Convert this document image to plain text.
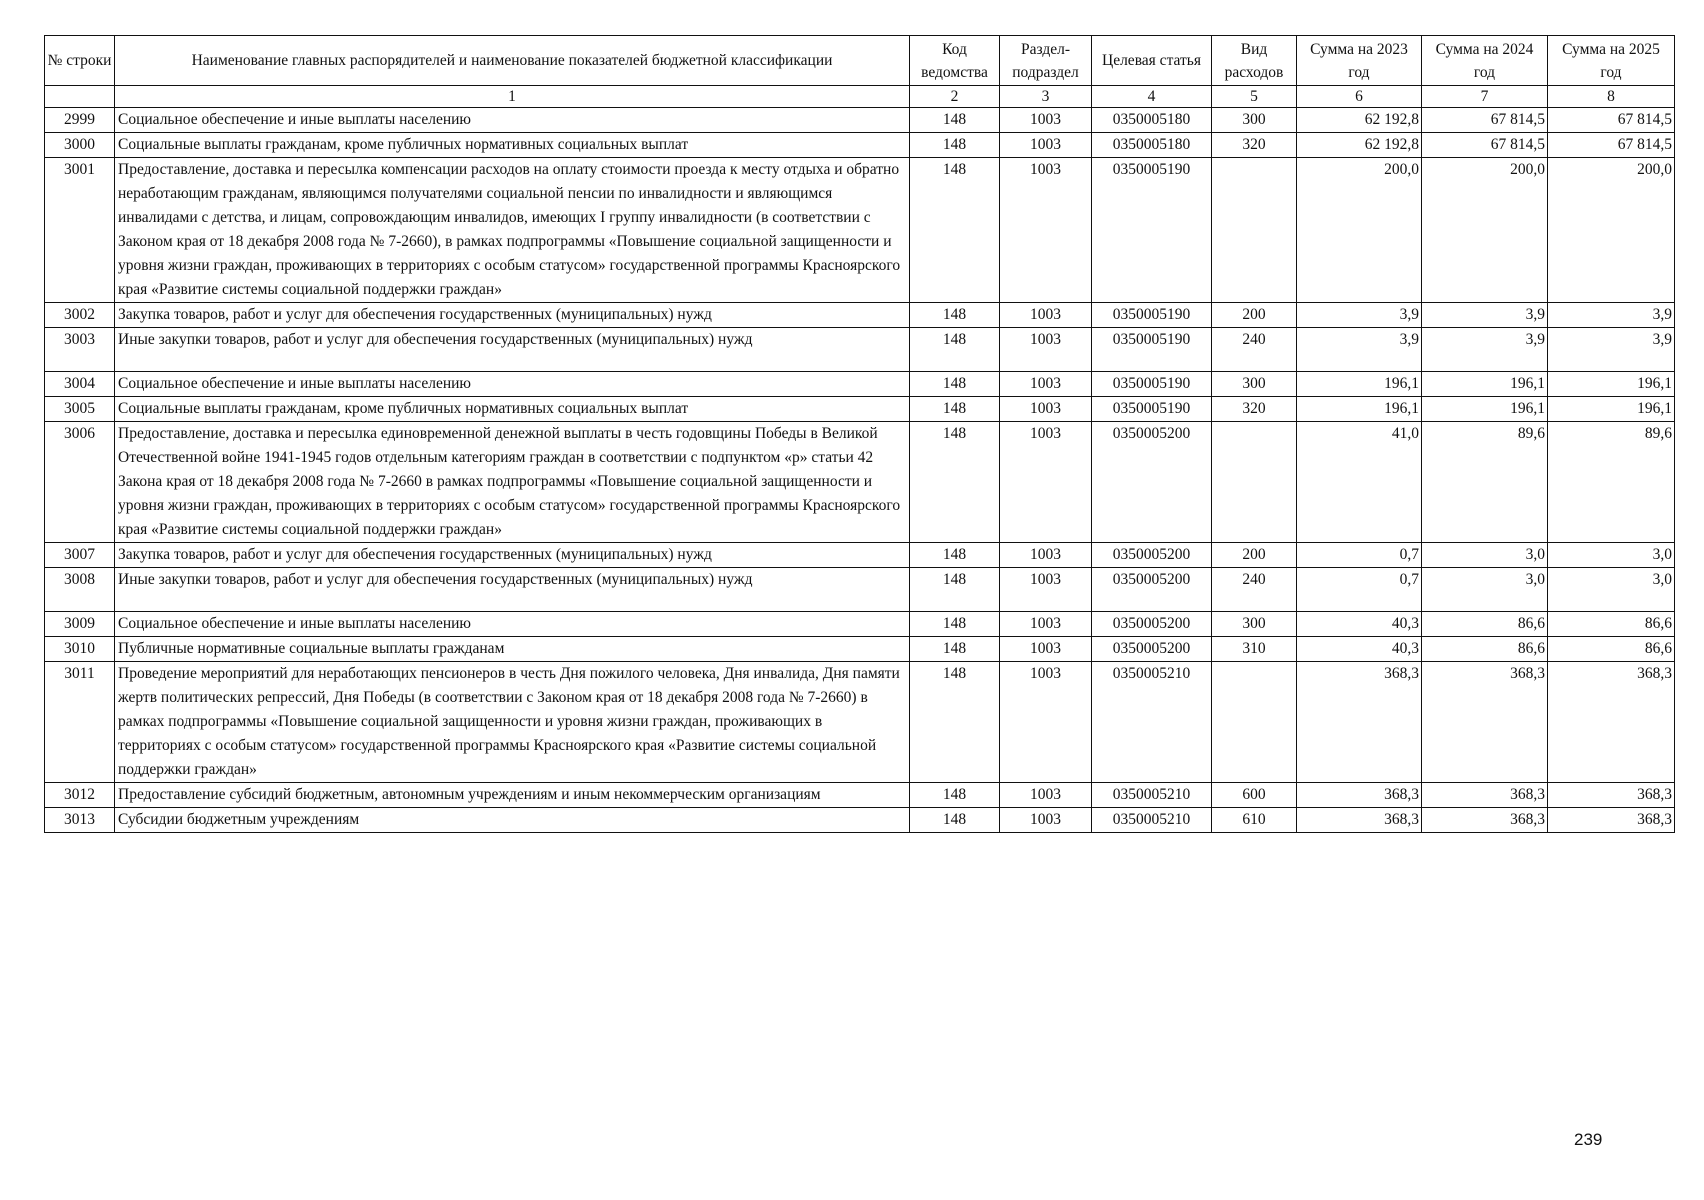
№ строки	Наименование главных распорядителей и наименование показателей бюджетной классификации	Код ведомства	Раздел-подраздел	Целевая статья	Вид расходов	Сумма на 2023 год	Сумма на 2024 год	Сумма на 2025 год
	1	2	3	4	5	6	7	8
2999	Социальное обеспечение и иные выплаты населению	148	1003	0350005180	300	62 192,8	67 814,5	67 814,5
3000	Социальные выплаты гражданам, кроме публичных нормативных социальных выплат	148	1003	0350005180	320	62 192,8	67 814,5	67 814,5
3001	Предоставление, доставка и пересылка компенсации расходов на оплату стоимости проезда к месту отдыха и обратно неработающим гражданам, являющимся получателями социальной пенсии по инвалидности и являющимся инвалидами с детства, и лицам, сопровождающим инвалидов, имеющих I группу инвалидности (в соответствии с Законом края от 18 декабря 2008 года № 7-2660), в рамках подпрограммы «Повышение социальной защищенности и уровня жизни граждан, проживающих в территориях с особым статусом» государственной программы Красноярского края «Развитие системы социальной поддержки граждан»	148	1003	0350005190		200,0	200,0	200,0
3002	Закупка товаров, работ и услуг для обеспечения государственных (муниципальных) нужд	148	1003	0350005190	200	3,9	3,9	3,9
3003	Иные закупки товаров, работ и услуг для обеспечения государственных (муниципальных) нужд	148	1003	0350005190	240	3,9	3,9	3,9
3004	Социальное обеспечение и иные выплаты населению	148	1003	0350005190	300	196,1	196,1	196,1
3005	Социальные выплаты гражданам, кроме публичных нормативных социальных выплат	148	1003	0350005190	320	196,1	196,1	196,1
3006	Предоставление, доставка и пересылка единовременной денежной выплаты в честь годовщины Победы в Великой Отечественной войне 1941-1945 годов отдельным категориям граждан в соответствии с подпунктом «р» статьи 42 Закона края от 18 декабря 2008 года № 7-2660 в рамках подпрограммы «Повышение социальной защищенности и уровня жизни граждан, проживающих в территориях с особым статусом» государственной программы Красноярского края «Развитие системы социальной поддержки граждан»	148	1003	0350005200		41,0	89,6	89,6
3007	Закупка товаров, работ и услуг для обеспечения государственных (муниципальных) нужд	148	1003	0350005200	200	0,7	3,0	3,0
3008	Иные закупки товаров, работ и услуг для обеспечения государственных (муниципальных) нужд	148	1003	0350005200	240	0,7	3,0	3,0
3009	Социальное обеспечение и иные выплаты населению	148	1003	0350005200	300	40,3	86,6	86,6
3010	Публичные нормативные социальные выплаты гражданам	148	1003	0350005200	310	40,3	86,6	86,6
3011	Проведение мероприятий для неработающих пенсионеров в честь Дня пожилого человека, Дня инвалида, Дня памяти жертв политических репрессий, Дня Победы (в соответствии с Законом края от 18 декабря 2008 года № 7-2660) в рамках подпрограммы «Повышение социальной защищенности и уровня жизни граждан, проживающих в территориях с особым статусом» государственной программы Красноярского края «Развитие системы социальной поддержки граждан»	148	1003	0350005210		368,3	368,3	368,3
3012	Предоставление субсидий бюджетным, автономным учреждениям и иным некоммерческим организациям	148	1003	0350005210	600	368,3	368,3	368,3
3013	Субсидии бюджетным учреждениям	148	1003	0350005210	610	368,3	368,3	368,3
239
